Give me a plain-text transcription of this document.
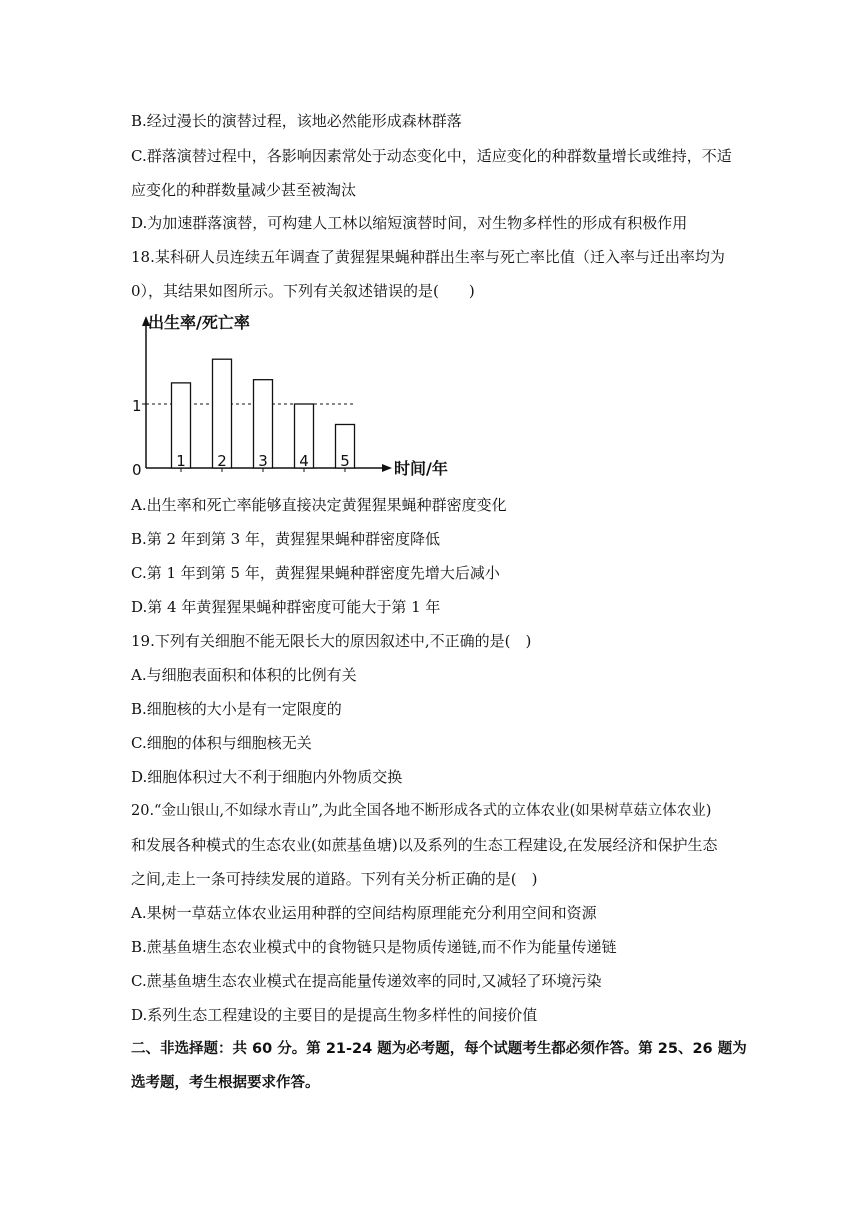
B.经过漫长的演替过程，该地必然能形成森林群落
C.群落演替过程中，各影响因素常处于动态变化中，适应变化的种群数量增长或维持，不适
应变化的种群数量减少甚至被淘汰
D.为加速群落演替，可构建人工林以缩短演替时间，对生物多样性的形成有积极作用
18.某科研人员连续五年调查了黄猩猩果蝇种群出生率与死亡率比值（迁入率与迁出率均为
0），其结果如图所示。下列有关叙述错误的是(　　)
1 2 3 4 5
出生率/死亡率
时间/年
0
1
A.出生率和死亡率能够直接决定黄猩猩果蝇种群密度变化
B.第 2 年到第 3 年，黄猩猩果蝇种群密度降低
C.第 1 年到第 5 年，黄猩猩果蝇种群密度先增大后减小
D.第 4 年黄猩猩果蝇种群密度可能大于第 1 年
19.下列有关细胞不能无限长大的原因叙述中,不正确的是(　)
A.与细胞表面积和体积的比例有关
B.细胞核的大小是有一定限度的
C.细胞的体积与细胞核无关
D.细胞体积过大不利于细胞内外物质交换
20.“金山银山,不如绿水青山”,为此全国各地不断形成各式的立体农业(如果树草菇立体农业)
和发展各种模式的生态农业(如蔗基鱼塘)以及系列的生态工程建设,在发展经济和保护生态
之间,走上一条可持续发展的道路。下列有关分析正确的是(　)
A.果树一草菇立体农业运用种群的空间结构原理能充分利用空间和资源
B.蔗基鱼塘生态农业模式中的食物链只是物质传递链,而不作为能量传递链
C.蔗基鱼塘生态农业模式在提高能量传递效率的同时,又减轻了环境污染
D.系列生态工程建设的主要目的是提高生物多样性的间接价值
二、非选择题：共 60 分。第 21-24 题为必考题，每个试题考生都必须作答。第 25、26 题为
选考题，考生根据要求作答。
